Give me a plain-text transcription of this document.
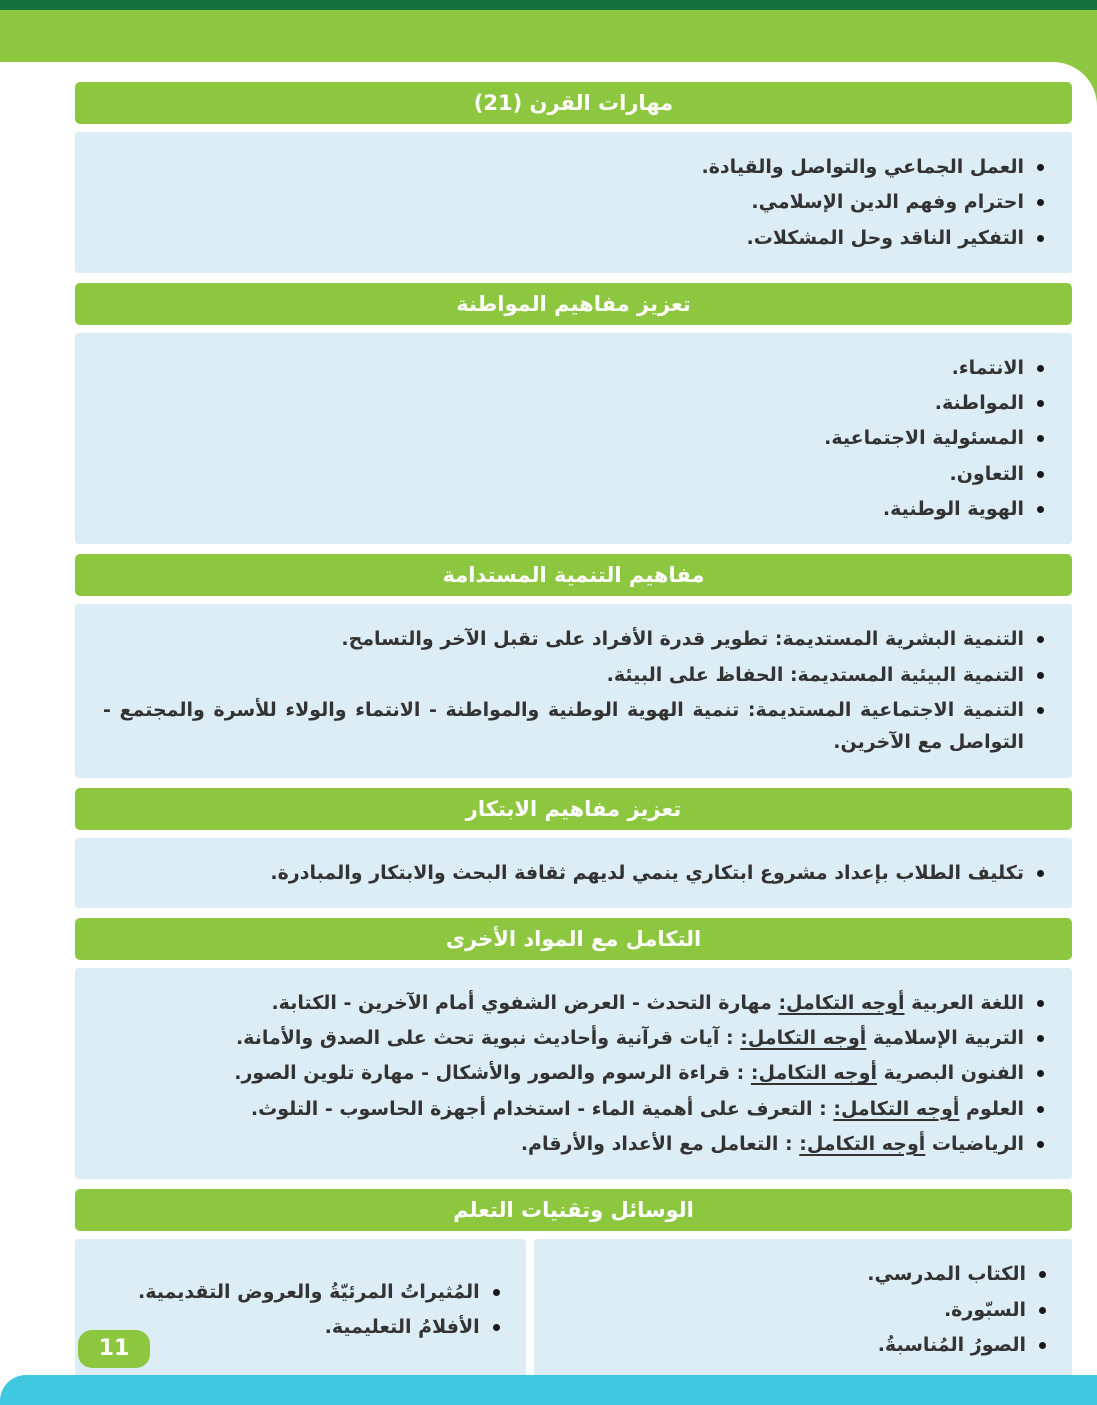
مهارات القرن (21)
العمل الجماعي والتواصل والقيادة.
احترام وفهم الدين الإسلامي.
التفكير الناقد وحل المشكلات.
تعزيز مفاهيم المواطنة
الانتماء.
المواطنة.
المسئولية الاجتماعية.
التعاون.
الهوية الوطنية.
مفاهيم التنمية المستدامة
التنمية البشرية المستديمة: تطوير قدرة الأفراد على تقبل الآخر والتسامح.
التنمية البيئية المستديمة: الحفاظ على البيئة.
التنمية الاجتماعية المستديمة: تنمية الهوية الوطنية والمواطنة - الانتماء والولاء للأسرة والمجتمع - التواصل مع الآخرين.
تعزيز مفاهيم الابتكار
تكليف الطلاب بإعداد مشروع ابتكاري ينمي لديهم ثقافة البحث والابتكار والمبادرة.
التكامل مع المواد الأخرى
اللغة العربية أوجه التكامل: مهارة التحدث - العرض الشفوي أمام الآخرين - الكتابة.
التربية الإسلامية أوجه التكامل: : آيات قرآنية وأحاديث نبوية تحث على الصدق والأمانة.
الفنون البصرية أوجه التكامل: : قراءة الرسوم والصور والأشكال - مهارة تلوين الصور.
العلوم أوجه التكامل: : التعرف على أهمية الماء - استخدام أجهزة الحاسوب - التلوث.
الرياضيات أوجه التكامل: : التعامل مع الأعداد والأرقام.
الوسائل وتقنيات التعلم
الكتاب المدرسي.
السبّورة.
الصورُ المُناسبةُ.
المُثيراتُ المرئيّةُ والعروض التقديمية.
الأفلامُ التعليمية.
11
